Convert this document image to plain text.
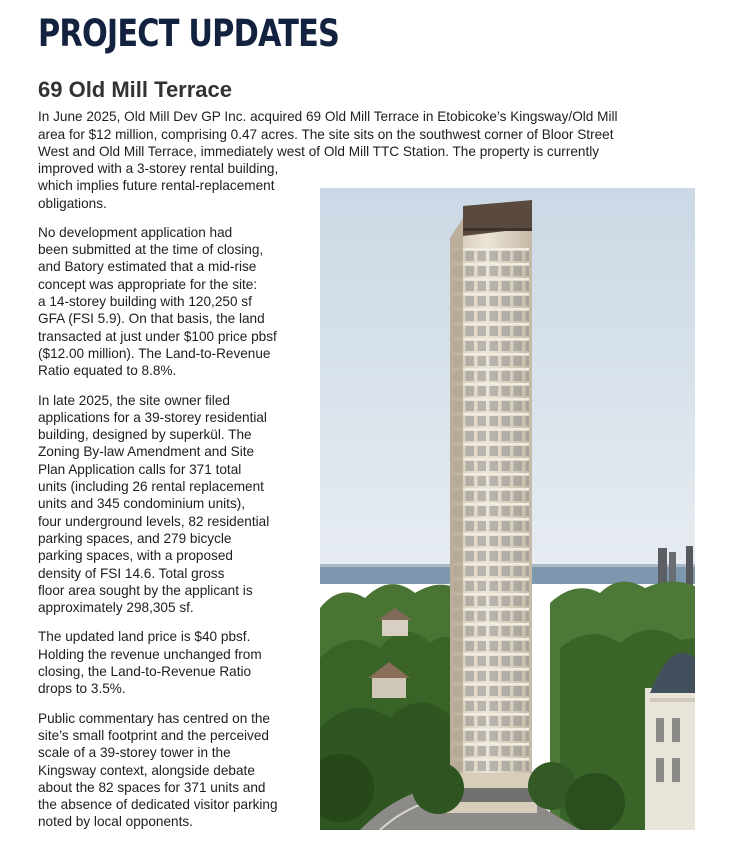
PROJECT UPDATES
69 Old Mill Terrace
In June 2025, Old Mill Dev GP Inc. acquired 69 Old Mill Terrace in Etobicoke’s Kingsway/Old Mill
area for $12 million, comprising 0.47 acres. The site sits on the southwest corner of Bloor Street
West and Old Mill Terrace, immediately west of Old Mill TTC Station. The property is currently

improved with a 3-storey rental building,
which implies future rental-replacement
obligations.

No development application had
been submitted at the time of closing,
and Batory estimated that a mid-rise
concept was appropriate for the site:
a 14-storey building with 120,250 sf
GFA (FSI 5.9). On that basis, the land
transacted at just under $100 price pbsf
($12.00 million). The Land-to-Revenue
Ratio equated to 8.8%.

In late 2025, the site owner filed
applications for a 39-storey residential
building, designed by superkül. The
Zoning By-law Amendment and Site
Plan Application calls for 371 total
units (including 26 rental replacement
units and 345 condominium units),
four underground levels, 82 residential
parking spaces, and 279 bicycle
parking spaces, with a proposed
density of FSI 14.6. Total gross
floor area sought by the applicant is
approximately 298,305 sf.

The updated land price is $40 pbsf.
Holding the revenue unchanged from
closing, the Land-to-Revenue Ratio
drops to 3.5%.

Public commentary has centred on the
site’s small footprint and the perceived
scale of a 39-storey tower in the
Kingsway context, alongside debate
about the 82 spaces for 371 units and
the absence of dedicated visitor parking
noted by local opponents.
